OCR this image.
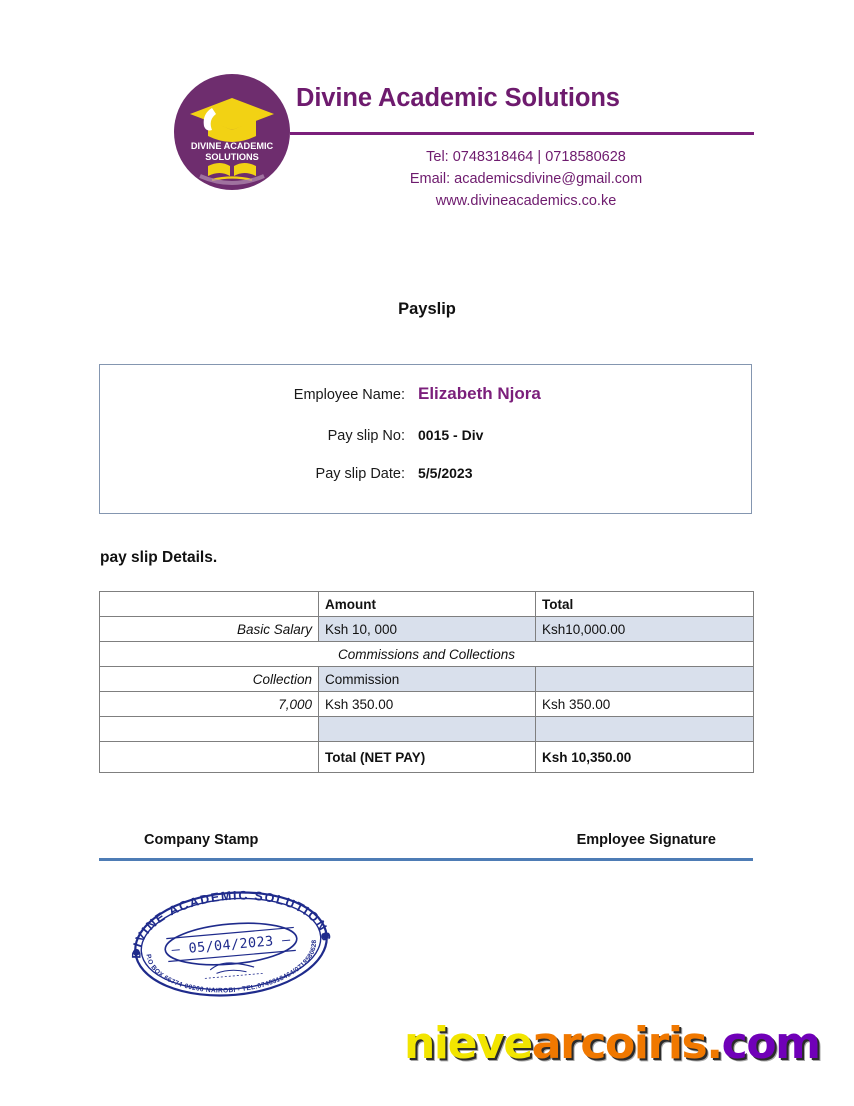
DIVINE ACADEMIC
SOLUTIONS
Divine Academic Solutions
Tel: 0748318464 | 0718580628
Email: academicsdivine@gmail.com
www.divineacademics.co.ke
Payslip
Employee Name: Elizabeth Njora
Pay slip No: 0015 - Div
Pay slip Date: 5/5/2023
pay slip Details.
	Amount	Total
Basic Salary	Ksh 10, 000	Ksh10,000.00
Commissions and Collections		
Collection	Commission	
7,000	Ksh 350.00	Ksh 350.00

	Total (NET PAY)	Ksh 10,350.00
Company Stamp	Employee Signature
DIVINE ACADEMIC SOLUTIONS
– 05/04/2023 –
P.O BOX 66774-00200 NAIROBI - TEL:0748318464/0718580628
nievearcoiris.com
